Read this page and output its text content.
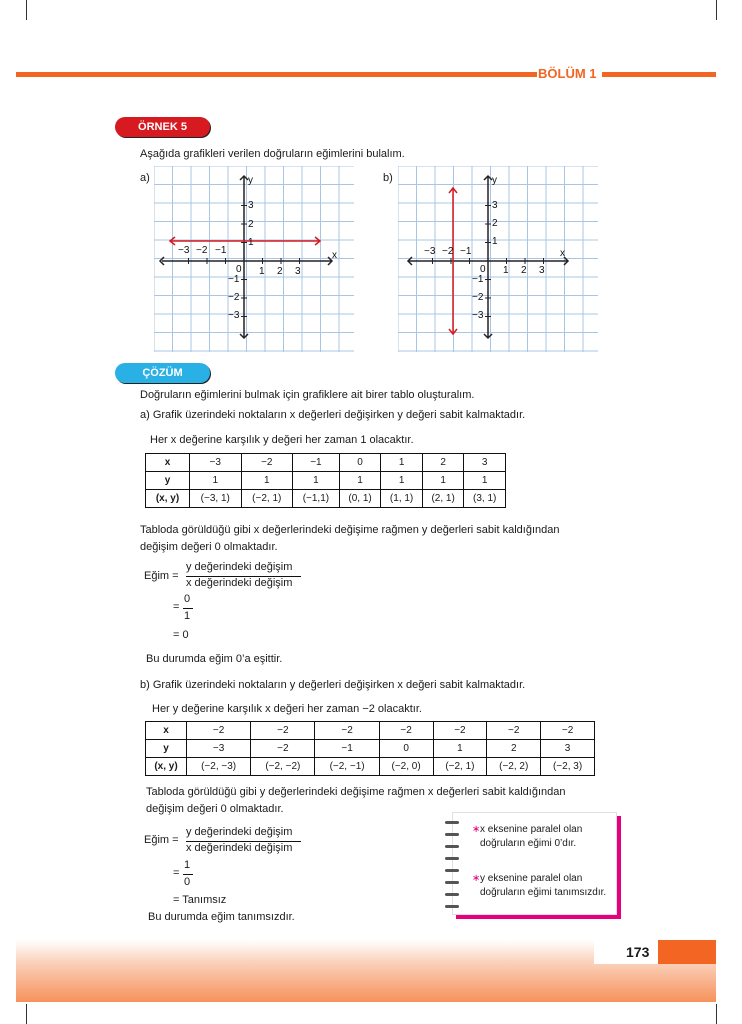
BÖLÜM 1
ÖRNEK 5
Aşağıda grafikleri verilen doğruların eğimlerini bulalım.
a)
x
y
0
−3 −2 −1
1 2 3
3
2
1
−1
−2
−3
b)
x
y
0
−3 −2 −1
1 2 3
3
2
1
−1
−2
−3
ÇÖZÜM
Doğruların eğimlerini bulmak için grafiklere ait birer tablo oluşturalım.
a) Grafik üzerindeki noktaların x değerleri değişirken y değeri sabit kalmaktadır.
Her x değerine karşılık y değeri her zaman 1 olacaktır.
x	−3	−2	−1	0	1	2	3
y	1	1	1	1	1	1	1
(x, y)	(−3, 1)	(−2, 1)	(−1,1)	(0, 1)	(1, 1)	(2, 1)	(3, 1)
Tabloda görüldüğü gibi x değerlerindeki değişime rağmen y değerleri sabit kaldığından
değişim değeri 0 olmaktadır.
Eğim =
y değerindeki değişim
x değerindeki değişim
=
0
1
= 0
Bu durumda eğim 0’a eşittir.
b) Grafik üzerindeki noktaların y değerleri değişirken x değeri sabit kalmaktadır.
Her y değerine karşılık x değeri her zaman −2 olacaktır.
x	−2	−2	−2	−2	−2	−2	−2
y	−3	−2	−1	0	1	2	3
(x, y)	(−2, −3)	(−2, −2)	(−2, −1)	(−2, 0)	(−2, 1)	(−2, 2)	(−2, 3)
Tabloda görüldüğü gibi y değerlerindeki değişime rağmen x değerleri sabit kaldığından
değişim değeri 0 olmaktadır.
Eğim =
y değerindeki değişim
x değerindeki değişim
=
1
0
= Tanımsız
Bu durumda eğim tanımsızdır.
∗ x eksenine paralel olan
doğruların eğimi 0’dır.
∗ y eksenine paralel olan
doğruların eğimi tanımsızdır.
173
